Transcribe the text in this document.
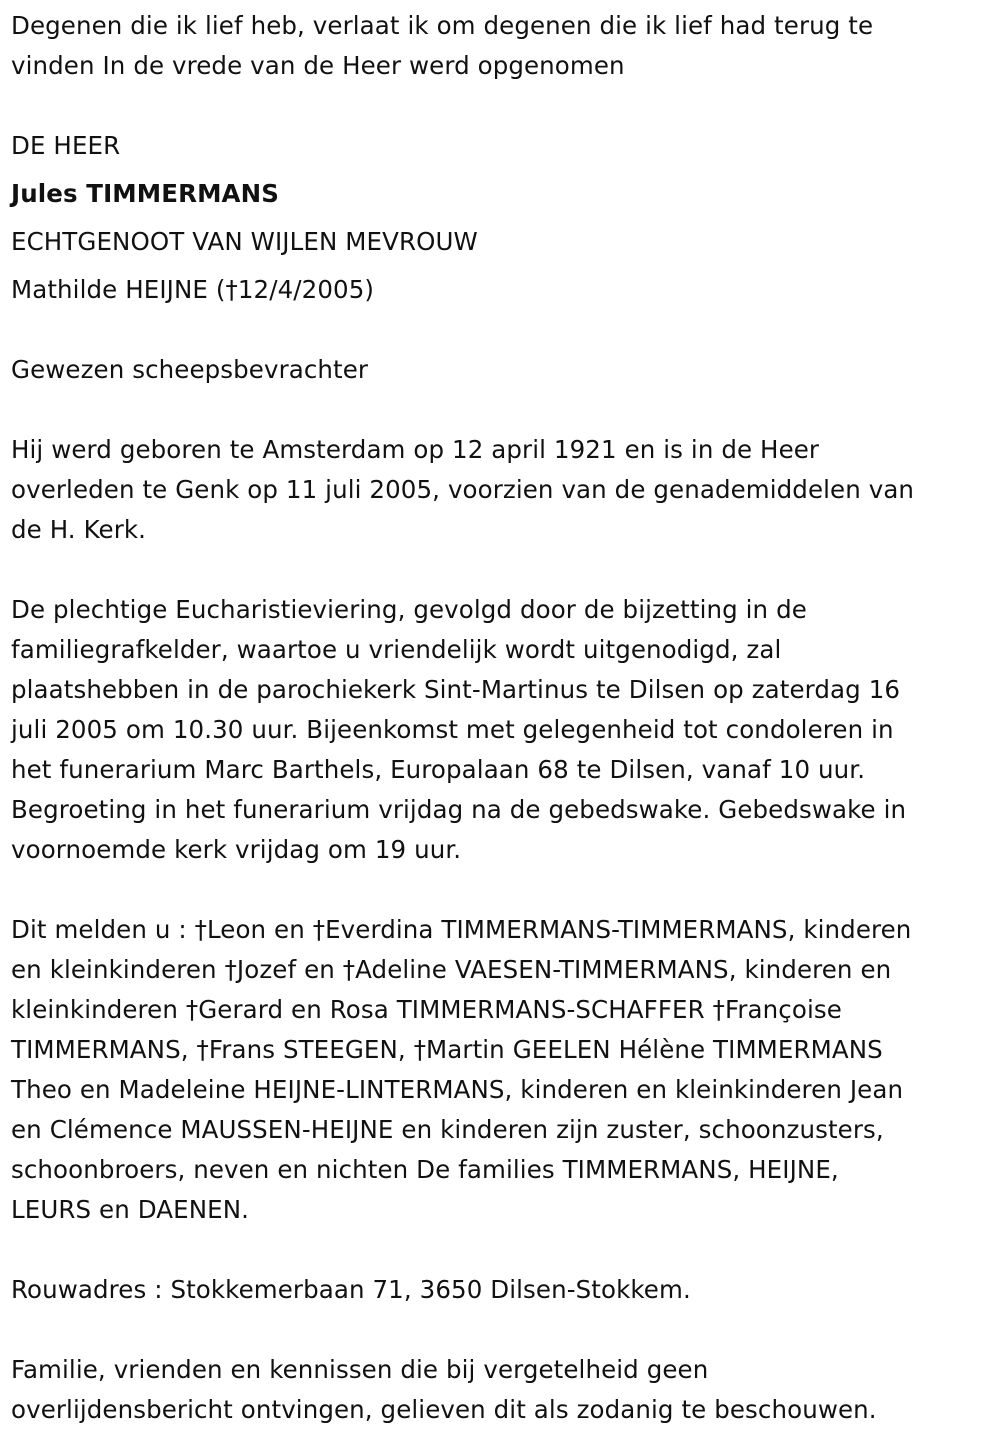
Degenen die ik lief heb, verlaat ik om degenen die ik lief had terug te
vinden In de vrede van de Heer werd opgenomen
DE HEER
Jules TIMMERMANS
ECHTGENOOT VAN WIJLEN MEVROUW
Mathilde HEIJNE (†12/4/2005)
Gewezen scheepsbevrachter
Hij werd geboren te Amsterdam op 12 april 1921 en is in de Heer
overleden te Genk op 11 juli 2005, voorzien van de genademiddelen van
de H. Kerk.
De plechtige Eucharistieviering, gevolgd door de bijzetting in de
familiegrafkelder, waartoe u vriendelijk wordt uitgenodigd, zal
plaatshebben in de parochiekerk Sint-Martinus te Dilsen op zaterdag 16
juli 2005 om 10.30 uur. Bijeenkomst met gelegenheid tot condoleren in
het funerarium Marc Barthels, Europalaan 68 te Dilsen, vanaf 10 uur.
Begroeting in het funerarium vrijdag na de gebedswake. Gebedswake in
voornoemde kerk vrijdag om 19 uur.
Dit melden u : †Leon en †Everdina TIMMERMANS-TIMMERMANS, kinderen
en kleinkinderen †Jozef en †Adeline VAESEN-TIMMERMANS, kinderen en
kleinkinderen †Gerard en Rosa TIMMERMANS-SCHAFFER †Françoise
TIMMERMANS, †Frans STEEGEN, †Martin GEELEN Hélène TIMMERMANS
Theo en Madeleine HEIJNE-LINTERMANS, kinderen en kleinkinderen Jean
en Clémence MAUSSEN-HEIJNE en kinderen zijn zuster, schoonzusters,
schoonbroers, neven en nichten De families TIMMERMANS, HEIJNE,
LEURS en DAENEN.
Rouwadres : Stokkemerbaan 71, 3650 Dilsen-Stokkem.
Familie, vrienden en kennissen die bij vergetelheid geen
overlijdensbericht ontvingen, gelieven dit als zodanig te beschouwen.
